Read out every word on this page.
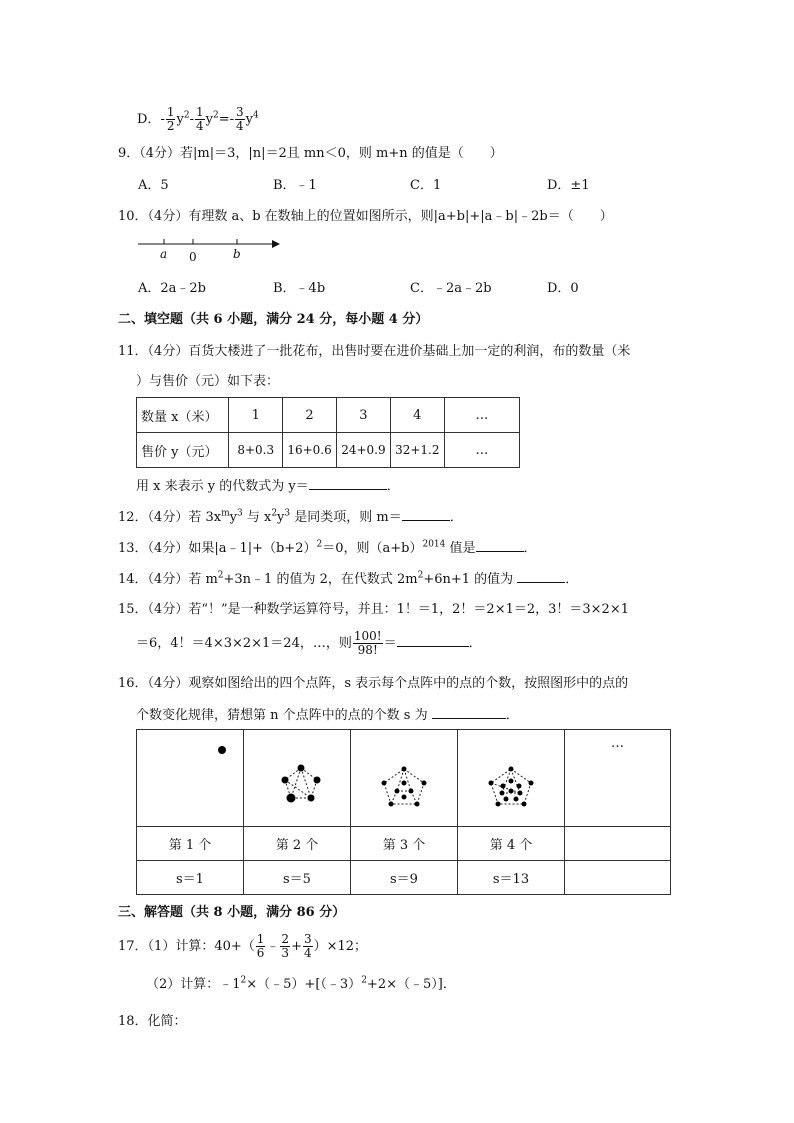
D．- $\frac{1}{2} y^2- \frac{1}{4} y^2=- \frac{3}{4} y^4$
9．（4分）若|m|＝3，|n|＝2且 mn＜0，则 m+n 的值是（　　）
A．5	B．﹣1	C．1	D．±1
10．（4分）有理数 a、b 在数轴上的位置如图所示，则|a+b|+|a﹣b|﹣2b＝（　　）
a 0	b
A．2a﹣2b	B．﹣4b	C．﹣2a﹣2b	D．0
二、填空题（共 6 小题，满分 24 分，每小题 4 分）
11．（4分）百货大楼进了一批花布，出售时要在进价基础上加一定的利润，布的数量（米
）与售价（元）如下表：
数量 x（米）	1	2	3	4	…
售价 y（元）	8+0.3	16+0.6	24+0.9	32+1.2	…
用 x 来表示 y 的代数式为 y＝	．
12．（4分）若 $3x^my^3$ 与 $x^2y^3$ 是同类项，则 m＝	．
13．（4分）如果$|a﹣1|+(b+2)^2=0$，则$(a+b)^{2014}$ 值是	．
14．（4分）若 $m^2+3n﹣1$ 的值为 2，在代数式 $2m^2+6n+1$ 的值为	．
15．（4分）若“！”是一种数学运算符号，并且：1！＝1，2！＝2×1＝2，3！＝3×2×1
＝6，4！＝4×3×2×1＝24，…，则 $\frac{100!}{98!}$ ＝	．
16．（4分）观察如图给出的四个点阵，s 表示每个点阵中的点的个数，按照图形中的点的
个数变化规律，猜想第 n 个点阵中的点的个数 s 为	．

…

第 1 个	第 2 个	第 3 个	第 4 个	
s＝1	s＝5	s＝9	s＝13	
三、解答题（共 8 小题，满分 86 分）
17．（1）计算：$40+( \frac{1}{6}$ ﹣ $\frac{2}{3} + \frac{3}{4} )\times 12$；
（2）计算：$﹣1^2\times(﹣5)+[(﹣3)^2+2\times(﹣5)]$．
18．化简：
